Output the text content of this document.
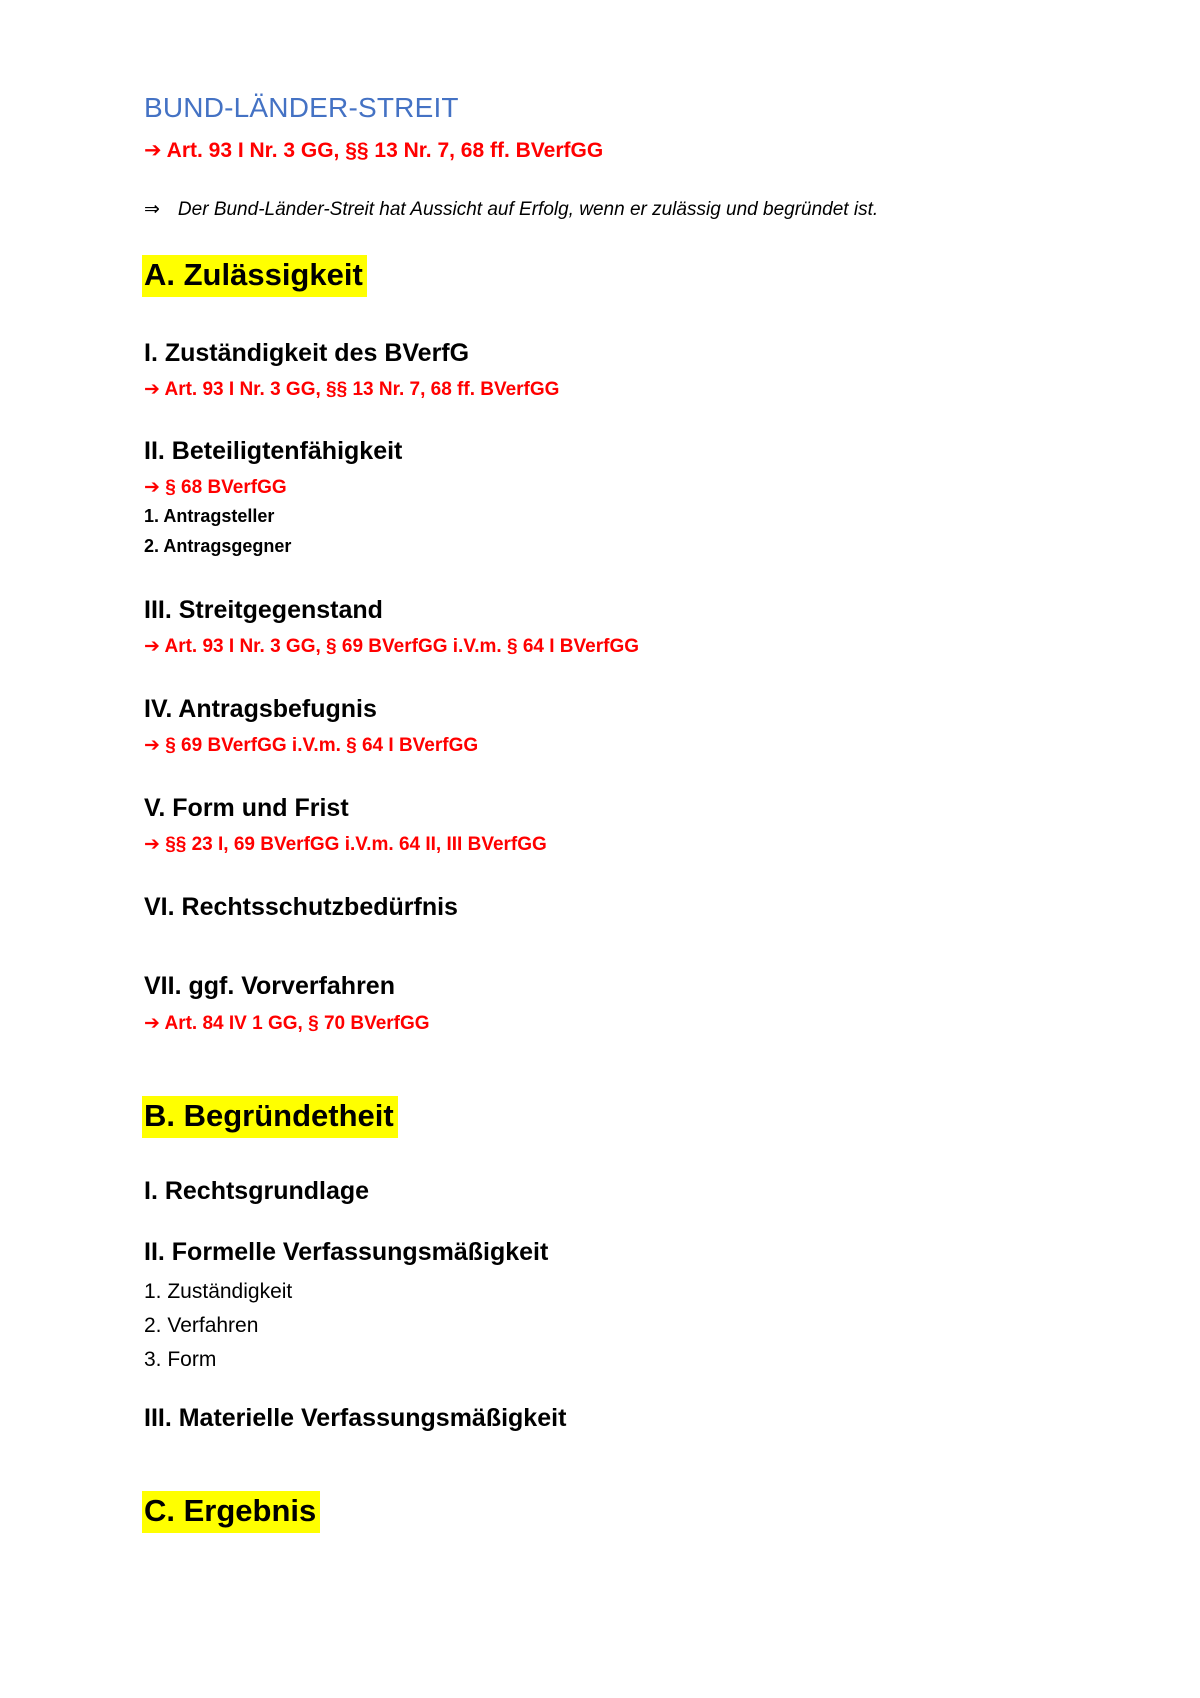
BUND-LÄNDER-STREIT
➔ Art. 93 I Nr. 3 GG, §§ 13 Nr. 7, 68 ff. BVerfGG
⇒ Der Bund-Länder-Streit hat Aussicht auf Erfolg, wenn er zulässig und begründet ist.
A. Zulässigkeit
I. Zuständigkeit des BVerfG
➔ Art. 93 I Nr. 3 GG, §§ 13 Nr. 7, 68 ff. BVerfGG
II. Beteiligtenfähigkeit
➔ § 68 BVerfGG
1. Antragsteller
2. Antragsgegner
III. Streitgegenstand
➔ Art. 93 I Nr. 3 GG, § 69 BVerfGG i.V.m. § 64 I BVerfGG
IV. Antragsbefugnis
➔ § 69 BVerfGG i.V.m. § 64 I BVerfGG
V. Form und Frist
➔ §§ 23 I, 69 BVerfGG i.V.m. 64 II, III BVerfGG
VI. Rechtsschutzbedürfnis
VII. ggf. Vorverfahren
➔ Art. 84 IV 1 GG, § 70 BVerfGG
B. Begründetheit
I. Rechtsgrundlage
II. Formelle Verfassungsmäßigkeit
1. Zuständigkeit
2. Verfahren
3. Form
III. Materielle Verfassungsmäßigkeit
C. Ergebnis
